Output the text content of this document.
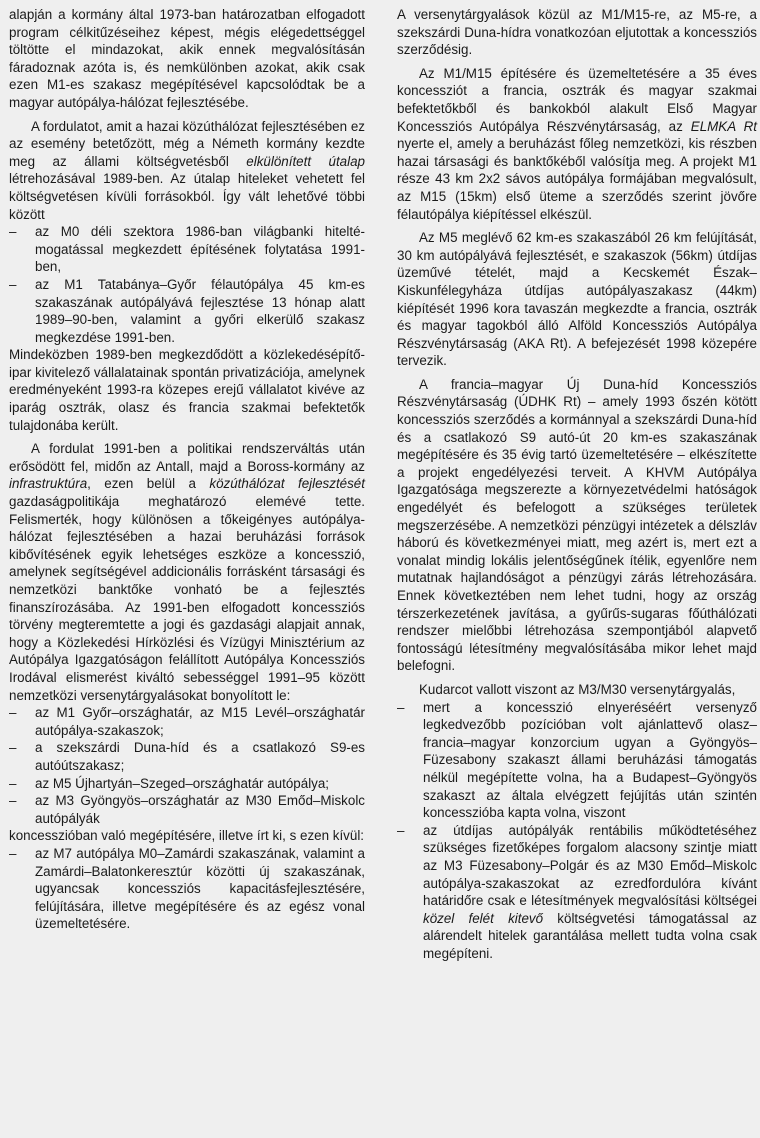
alapján a kormány által 1973-ban határozatban elfogadott program célkitűzéseihez képest, mégis elégedettséggel töltötte el mindazokat, akik ennek megvalósításán fáradoznak azóta is, és nemkülönben azokat, akik csak ezen M1-es szakasz megépítésével kapcsolódtak be a magyar autópálya-hálózat fejlesztésébe.

A fordulatot, amit a hazai közúthálózat fejlesztésében ez az esemény betetőzött, még a Németh kormány kezdte meg az állami költségvetésből elkülönített útalap létrehozásával 1989-ben. Az útalap hiteleket vehetett fel költségvetésen kívüli forrásokból. Így vált lehetővé többi között

– az M0 déli szektora 1986-ban világbanki hitelté-mogatással megkezdett építésének folytatása 1991-ben,
– az M1 Tatabánya–Győr félautópálya 45 km-es szakaszának autópályává fejlesztése 13 hónap alatt 1989–90-ben, valamint a győri elkerülő szakasz megkezdése 1991-ben.

Mindeközben 1989-ben megkezdődött a közlekedésépítő-ipar kivitelező vállalatainak spontán privatizációja, amelynek eredményeként 1993-ra közepes erejű vállalatot kivéve az iparág osztrák, olasz és francia szakmai befektetők tulajdonába került.

A fordulat 1991-ben a politikai rendszerváltás után erősödött fel, midőn az Antall, majd a Boross-kormány az infrastruktúra, ezen belül a közúthálózat fejlesztését gazdaságpolitikája meghatározó elemévé tette. Felismerték, hogy különösen a tőkeigényes autópálya-hálózat fejlesztésében a hazai beruházási források kibővítésének egyik lehetséges eszköze a koncesszió, amelynek segítségével addicionális forrásként társasági és nemzetközi banktőke vonható be a fejlesztés finanszírozásába. Az 1991-ben elfogadott koncessziós törvény megteremtette a jogi és gazdasági alapjait annak, hogy a Közlekedési Hírközlési és Vízügyi Minisztérium az Autópálya Igazgatóságon felállított Autópálya Koncessziós Irodával elismerést kiváltó sebességgel 1991–95 között nemzetközi versenytárgyalásokat bonyolított le:

– az M1 Győr–országhatár, az M15 Levél–országhatár autópálya-szakaszok;
– a szekszárdi Duna-híd és a csatlakozó S9-es autóútszakasz;
– az M5 Újhartyán–Szeged–országhatár autópálya;
– az M3 Gyöngyös–országhatár az M30 Emőd–Miskolc autópályák

koncesszióban való megépítésére, illetve írt ki, s ezen kívül:

– az M7 autópálya M0–Zamárdi szakaszának, valamint a Zamárdi–Balatonkeresztúr közötti új szakaszának, ugyancsak koncessziós kapacitásfejlesztésére, felújítására, illetve megépítésére és az egész vonal üzemeltetésére.

A versenytárgyalások közül az M1/M15-re, az M5-re, a szekszárdi Duna-hídra vonatkozóan eljutottak a koncessziós szerződésig.

Az M1/M15 építésére és üzemeltetésére a 35 éves koncessziót a francia, osztrák és magyar szakmai befektetőkből és bankokból alakult Első Magyar Koncessziós Autópálya Részvénytársaság, az ELMKA Rt nyerte el, amely a beruházást főleg nemzetközi, kis részben hazai társasági és banktőkéből valósítja meg. A projekt M1 része 43 km 2x2 sávos autópálya formájában megvalósult, az M15 (15km) első üteme a szerződés szerint jövőre félautópálya kiépítéssel elkészül.

Az M5 meglévő 62 km-es szakaszából 26 km felújítását, 30 km autópályává fejlesztését, e szakaszok (56km) útdíjas üzeművé tételét, majd a Kecskemét Észak–Kiskunfélegyháza útdíjas autópályaszakasz (44km) kiépítését 1996 kora tavaszán megkezdte a francia, osztrák és magyar tagokból álló Alföld Koncessziós Autópálya Részvénytársaság (AKA Rt). A befejezését 1998 közepére tervezik.

A francia–magyar Új Duna-híd Koncessziós Részvénytársaság (ÚDHK Rt) – amely 1993 őszén kötött koncessziós szerződés a kormánnyal a szekszárdi Duna-híd és a csatlakozó S9 autó-út 20 km-es szakaszának megépítésére és 35 évig tartó üzemeltetésére – elkészítette a projekt engedélyezési terveit. A KHVM Autópálya Igazgatósága megszerezte a környezetvédelmi hatóságok engedélyét és befelogott a szükséges területek megszerzésébe. A nemzetközi pénzügyi intézetek a délszláv háború és következményei miatt, meg azért is, mert ezt a vonalat mindig lokális jelentőségűnek ítélik, egyenlőre nem mutatnak hajlandóságot a pénzügyi zárás létrehozására. Ennek következtében nem lehet tudni, hogy az ország térszerkezetének javítása, a gyűrűs-sugaras főúthálózati rendszer mielőbbi létrehozása szempontjából alapvető fontosságú létesítmény megvalósításába mikor lehet majd belefogni.

Kudarcot vallott viszont az M3/M30 versenytárgyalás,

– mert a koncesszió elnyeréséért versenyző legkedvezőbb pozícióban volt ajánlattevő olasz–francia–magyar konzorcium ugyan a Gyöngyös–Füzesabony szakaszt állami beruházási támogatás nélkül megépítette volna, ha a Budapest–Gyöngyös szakaszt az általa elvégzett fejújítás után szintén koncesszióba kapta volna, viszont
– az útdíjas autópályák rentábilis működtetéséhez szükséges fizetőképes forgalom alacsony szintje miatt az M3 Füzesabony–Polgár és az M30 Emőd–Miskolc autópálya-szakaszokat az ezredfordulóra kívánt határidőre csak e létesítmények megvalósítási költségei közel felét kitevő költségvetési támogatással az alárendelt hitelek garantálása mellett tudta volna csak megépíteni.
